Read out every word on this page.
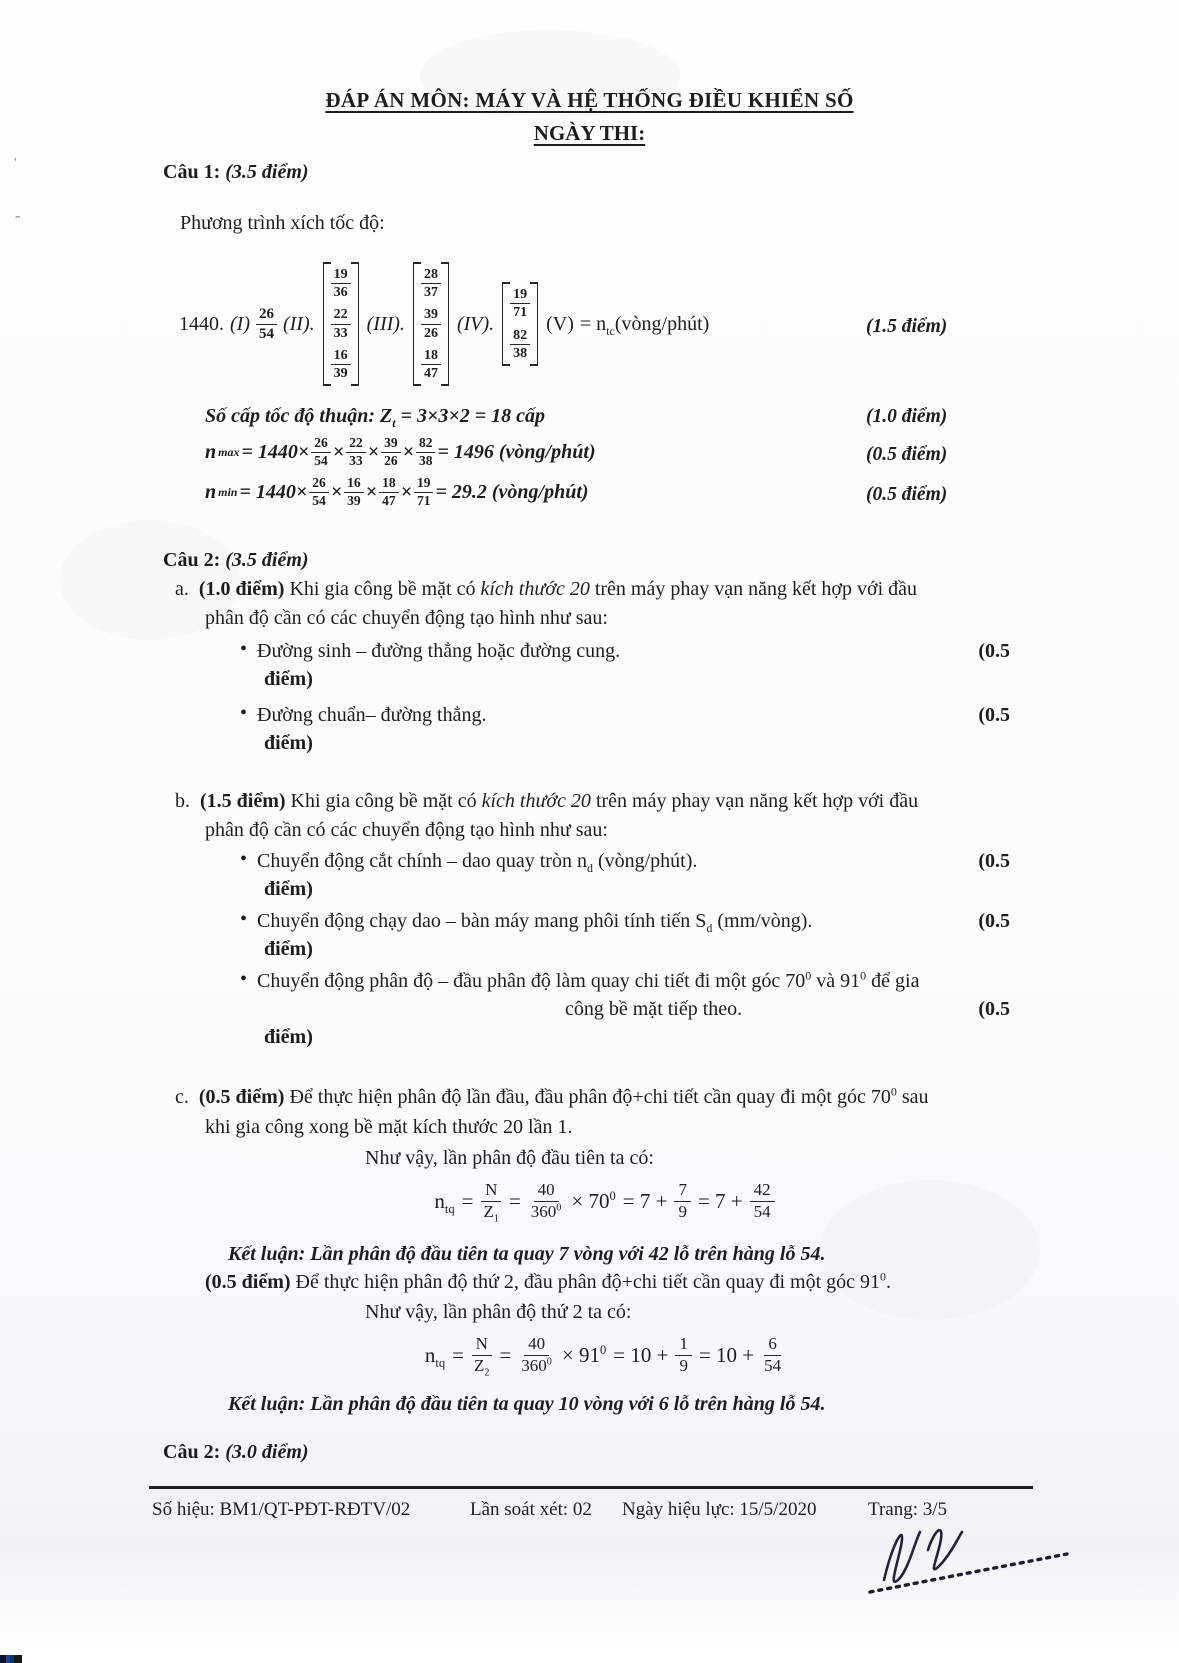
ĐÁP ÁN MÔN: MÁY VÀ HỆ THỐNG ĐIỀU KHIỂN SỐ
NGÀY THI:
'
-
Câu 1: (3.5 điểm)
Phương trình xích tốc độ:
1440. $(I) \frac{26}{54} (II)$.
$\frac{19}{36}$
$\frac{22}{33}$
$\frac{16}{39}$
(III).
$\frac{28}{37}$
$\frac{39}{26}$
$\frac{18}{47}$
(IV).
$\frac{19}{71}$
$\frac{82}{38}$
$(V) = n_{tc}(vòng/phút)$	(1.5 điểm)
Số cấp tốc độ thuận: $Z_t = 3\times 3\times 2 = 18$ cấp	(1.0 điểm)
n $\max = 1440\times \frac{26}{54} \times \frac{22}{33} \times \frac{39}{26} \times \frac{82}{38} = 1496$ (vòng/phút)	(0.5 điểm)
n $\min = 1440\times \frac{26}{54} \times \frac{16}{39} \times \frac{18}{47} \times \frac{19}{71} = 29.2$ (vòng/phút)	(0.5 điểm)
Câu 2: (3.5 điểm)
a. (1.0 điểm) Khi gia công bề mặt có kích thước 20 trên máy phay vạn năng kết hợp với đầu
phân độ cần có các chuyển động tạo hình như sau:
• Đường sinh – đường thẳng hoặc đường cung.	(0.5
điểm)
• Đường chuẩn– đường thẳng.	(0.5
điểm)
b. (1.5 điểm) Khi gia công bề mặt có kích thước 20 trên máy phay vạn năng kết hợp với đầu
phân độ cần có các chuyển động tạo hình như sau:
• Chuyển động cắt chính – dao quay tròn $n_d$ (vòng/phút).	(0.5
điểm)
• Chuyển động chạy dao – bàn máy mang phôi tính tiến $S_d$ (mm/vòng).	(0.5
điểm)
• Chuyển động phân độ – đầu phân độ làm quay chi tiết đi một góc $70^0$ và $91^0$ để gia
công bề mặt tiếp theo.	(0.5
điểm)
c. (0.5 điểm) Để thực hiện phân độ lần đầu, đầu phân độ+chi tiết cần quay đi một góc $70^0$ sau
khi gia công xong bề mặt kích thước 20 lần 1.
Như vậy, lần phân độ đầu tiên ta có:
$n_{tq} = \frac{N}{Z_1} = \frac{40}{360^0} \times 70^0 = 7 + \frac{7}{9} = 7 + \frac{42}{54}$
Kết luận: Lần phân độ đầu tiên ta quay 7 vòng với 42 lỗ trên hàng lỗ 54.
(0.5 điểm) Để thực hiện phân độ thứ 2, đầu phân độ+chi tiết cần quay đi một góc $91^0$.
Như vậy, lần phân độ thứ 2 ta có:
$n_{tq} = \frac{N}{Z_2} = \frac{40}{360^0} \times 91^0 = 10 + \frac{1}{9} = 10 + \frac{6}{54}$
Kết luận: Lần phân độ đầu tiên ta quay 10 vòng với 6 lỗ trên hàng lỗ 54.
Câu 2: (3.0 điểm)
Số hiệu: BM1/QT-PĐT-RĐTV/02	Lần soát xét: 02 Ngày hiệu lực: 15/5/2020	Trang: 3/5
